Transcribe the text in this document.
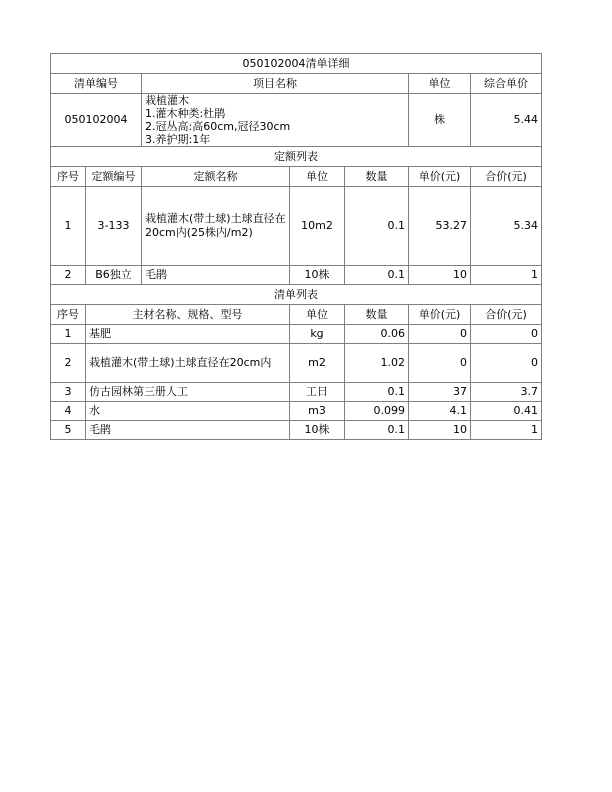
050102004清单详细						
清单编号		项目名称			单位	综合单价
050102004		栽植灌木
1.灌木种类:杜鹃
2.冠丛高:高60cm,冠径30cm
3.养护期:1年			株	5.44
定额列表						
序号	定额编号	定额名称	单位	数量	单价(元)	合价(元)
1	3-133	栽植灌木(带土球)土球直径在20cm内(25株内/m2)	10m2	0.1	53.27	5.34
2	B6独立	毛鹃	10株	0.1	10	1
清单列表						
序号	主材名称、规格、型号		单位	数量	单价(元)	合价(元)
1	基肥		kg	0.06	0	0
2	栽植灌木(带土球)土球直径在20cm内		m2	1.02	0	0
3	仿古园林第三册人工		工日	0.1	37	3.7
4	水		m3	0.099	4.1	0.41
5	毛鹃		10株	0.1	10	1
